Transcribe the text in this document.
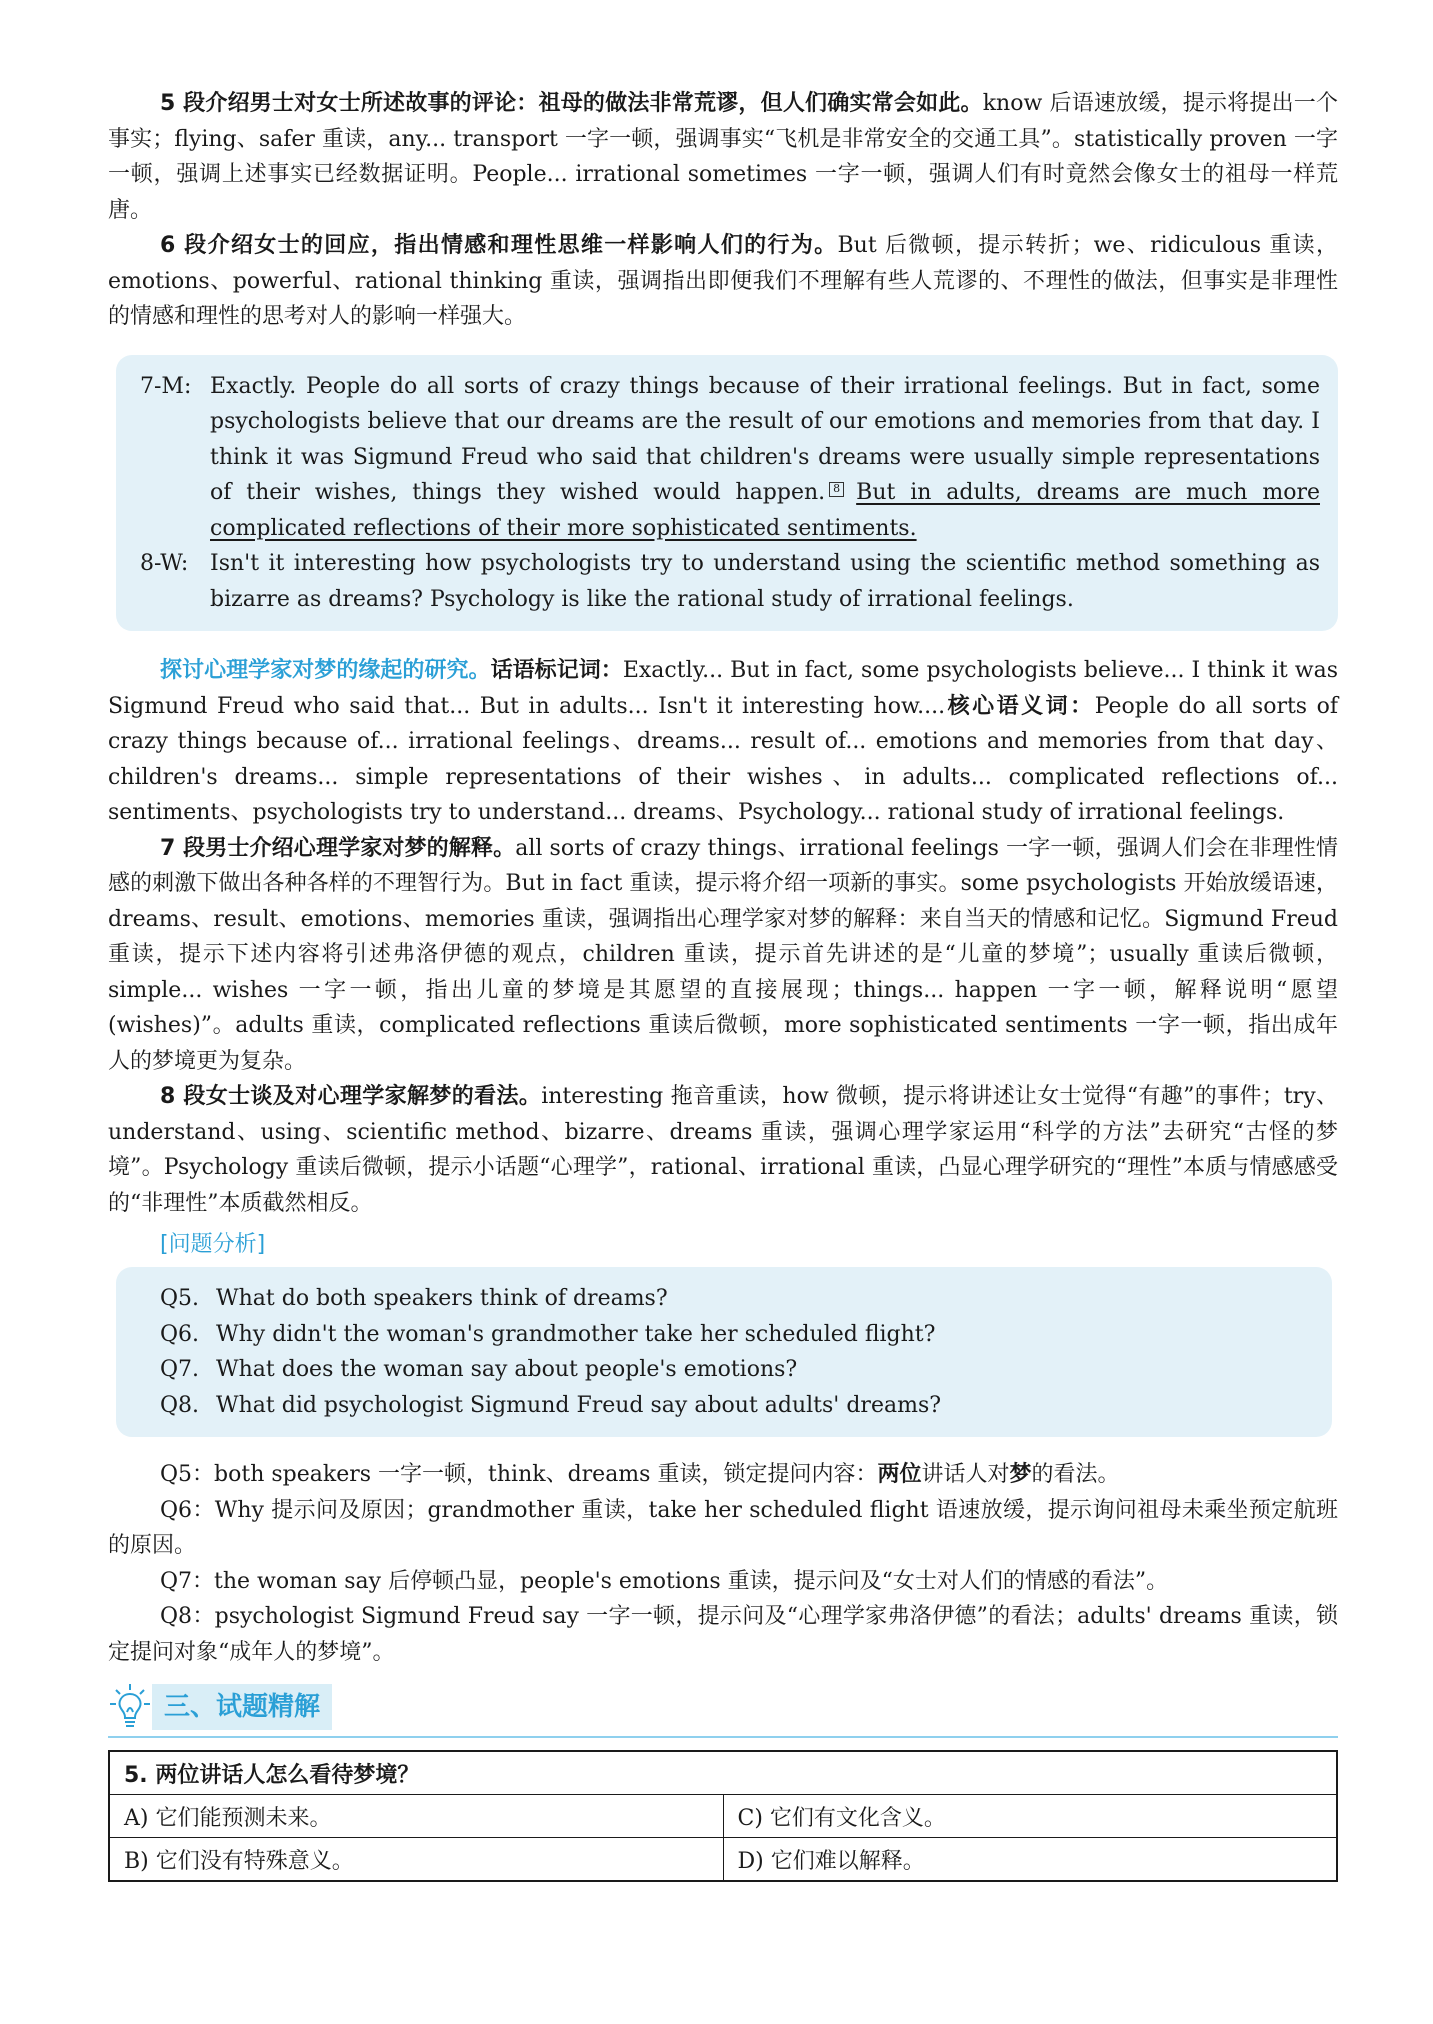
5 段介绍男士对女士所述故事的评论：祖母的做法非常荒谬，但人们确实常会如此。know 后语速放缓，提示将提出一个事实；flying、safer 重读，any... transport 一字一顿，强调事实“飞机是非常安全的交通工具”。statistically proven 一字一顿，强调上述事实已经数据证明。People... irrational sometimes 一字一顿，强调人们有时竟然会像女士的祖母一样荒唐。

6 段介绍女士的回应，指出情感和理性思维一样影响人们的行为。But 后微顿，提示转折；we、ridiculous 重读，emotions、powerful、rational thinking 重读，强调指出即便我们不理解有些人荒谬的、不理性的做法，但事实是非理性的情感和理性的思考对人的影响一样强大。

7-M: Exactly. People do all sorts of crazy things because of their irrational feelings. But in fact, some psychologists believe that our dreams are the result of our emotions and memories from that day. I think it was Sigmund Freud who said that children's dreams were usually simple representations of their wishes, things they wished would happen. 8 But in adults, dreams are much more complicated reflections of their more sophisticated sentiments.
8-W: Isn't it interesting how psychologists try to understand using the scientific method something as bizarre as dreams? Psychology is like the rational study of irrational feelings.

探讨心理学家对梦的缘起的研究。话语标记词：Exactly... But in fact, some psychologists believe... I think it was Sigmund Freud who said that... But in adults... Isn't it interesting how....核心语义词：People do all sorts of crazy things because of... irrational feelings、dreams... result of... emotions and memories from that day、children's dreams... simple representations of their wishes、in adults... complicated reflections of... sentiments、psychologists try to understand... dreams、Psychology... rational study of irrational feelings.

7 段男士介绍心理学家对梦的解释。all sorts of crazy things、irrational feelings 一字一顿，强调人们会在非理性情感的刺激下做出各种各样的不理智行为。But in fact 重读，提示将介绍一项新的事实。some psychologists 开始放缓语速，dreams、result、emotions、memories 重读，强调指出心理学家对梦的解释：来自当天的情感和记忆。Sigmund Freud 重读，提示下述内容将引述弗洛伊德的观点，children 重读，提示首先讲述的是“儿童的梦境”；usually 重读后微顿，simple... wishes 一字一顿，指出儿童的梦境是其愿望的直接展现；things... happen 一字一顿，解释说明“愿望(wishes)”。adults 重读，complicated reflections 重读后微顿，more sophisticated sentiments 一字一顿，指出成年人的梦境更为复杂。

8 段女士谈及对心理学家解梦的看法。interesting 拖音重读，how 微顿，提示将讲述让女士觉得“有趣”的事件；try、understand、using、scientific method、bizarre、dreams 重读，强调心理学家运用“科学的方法”去研究“古怪的梦境”。Psychology 重读后微顿，提示小话题“心理学”，rational、irrational 重读，凸显心理学研究的“理性”本质与情感感受的“非理性”本质截然相反。

[问题分析]
Q5. What do both speakers think of dreams?
Q6. Why didn't the woman's grandmother take her scheduled flight?
Q7. What does the woman say about people's emotions?
Q8. What did psychologist Sigmund Freud say about adults' dreams?

Q5：both speakers 一字一顿，think、dreams 重读，锁定提问内容：两位讲话人对梦的看法。

Q6：Why 提示问及原因；grandmother 重读，take her scheduled flight 语速放缓，提示询问祖母未乘坐预定航班的原因。

Q7：the woman say 后停顿凸显，people's emotions 重读，提示问及“女士对人们的情感的看法”。

Q8：psychologist Sigmund Freud say 一字一顿，提示问及“心理学家弗洛伊德”的看法；adults' dreams 重读，锁定提问对象“成年人的梦境”。

三、试题精解
5. 两位讲话人怎么看待梦境？	
A) 它们能预测未来。	C) 它们有文化含义。
B) 它们没有特殊意义。	D) 它们难以解释。
